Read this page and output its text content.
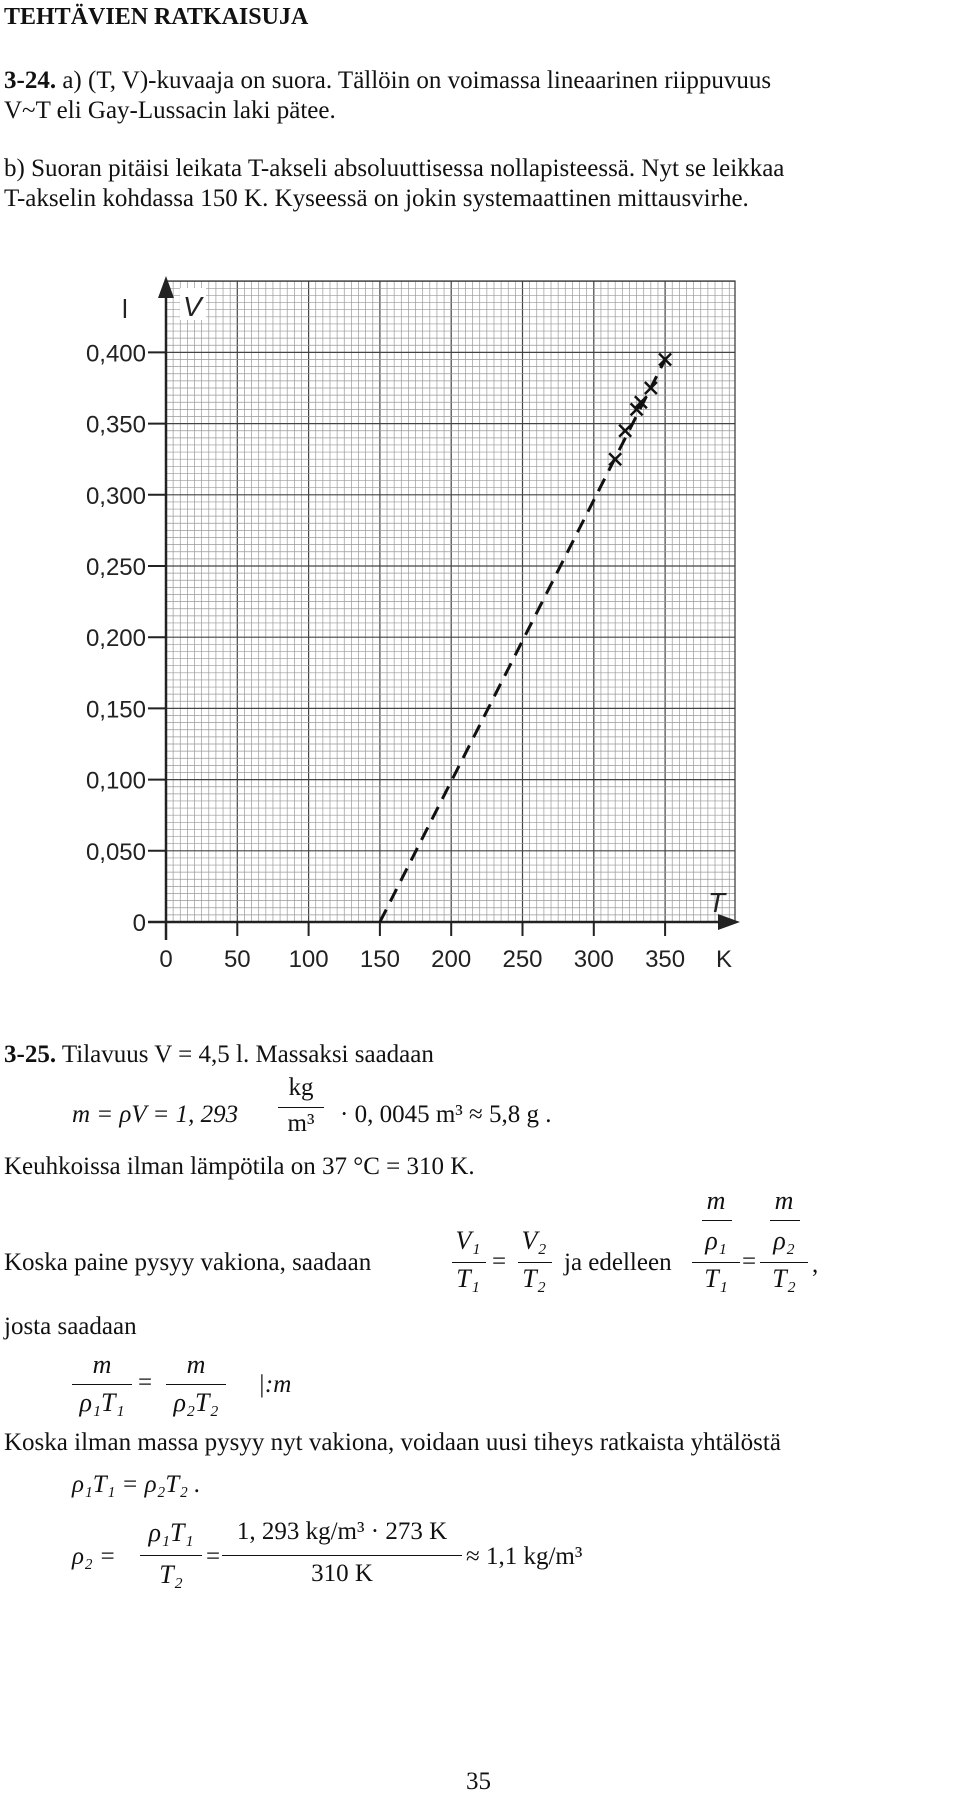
TEHTÄVIEN RATKAISUJA
3-24. a) (T, V)-kuvaaja on suora. Tällöin on voimassa lineaarinen riippuvuus
V~T eli Gay-Lussacin laki pätee.
b) Suoran pitäisi leikata T-akseli absoluuttisessa nollapisteessä. Nyt se leikkaa
T-akselin kohdassa 150 K. Kyseessä on jokin systemaattinen mittausvirhe.
0
0,050
0,100
0,150
0,200
0,250
0,300
0,350
0,400
0 50 100 150 200 250 300 350
l V
T
K
3-25. Tilavuus V = 4,5 l. Massaksi saadaan
m = ρV = 1, 293
kg
m³	· 0, 0045 m³ ≈ 5,8 g .
Keuhkoissa ilman lämpötila on 37 °C = 310 K.
Koska paine pysyy vakiona, saadaan
V₁
T₁
=
V₂
T₂
ja edelleen
m
ρ₁
T₁
=
m
ρ₂
T₂ ,
josta saadaan
m
ρ₁T₁
=
m
ρ₂T₂
|:m
Koska ilman massa pysyy nyt vakiona, voidaan uusi tiheys ratkaista yhtälöstä
ρ₁T₁ = ρ₂T₂ .
ρ₂ =
ρ₁T₁
T₂
=
1, 293 kg/m³ · 273 K
310 K
≈ 1,1 kg/m³
35
